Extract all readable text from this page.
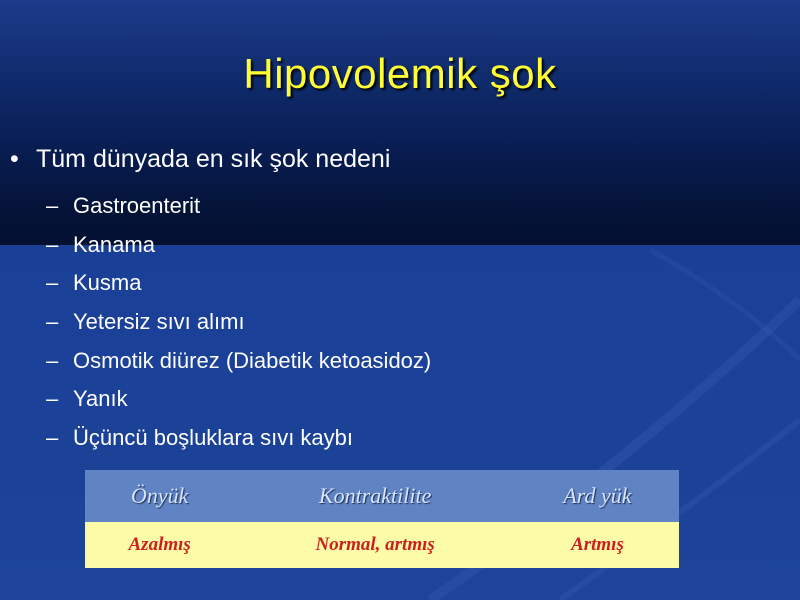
Hipovolemik şok
• Tüm dünyada en sık şok nedeni
– Gastroenterit
– Kanama
– Kusma
– Yetersiz sıvı alımı
– Osmotik diürez (Diabetik ketoasidoz)
– Yanık
– Üçüncü boşluklara sıvı kaybı
Önyük	Kontraktilite	Ard yük
Azalmış	Normal, artmış	Artmış
